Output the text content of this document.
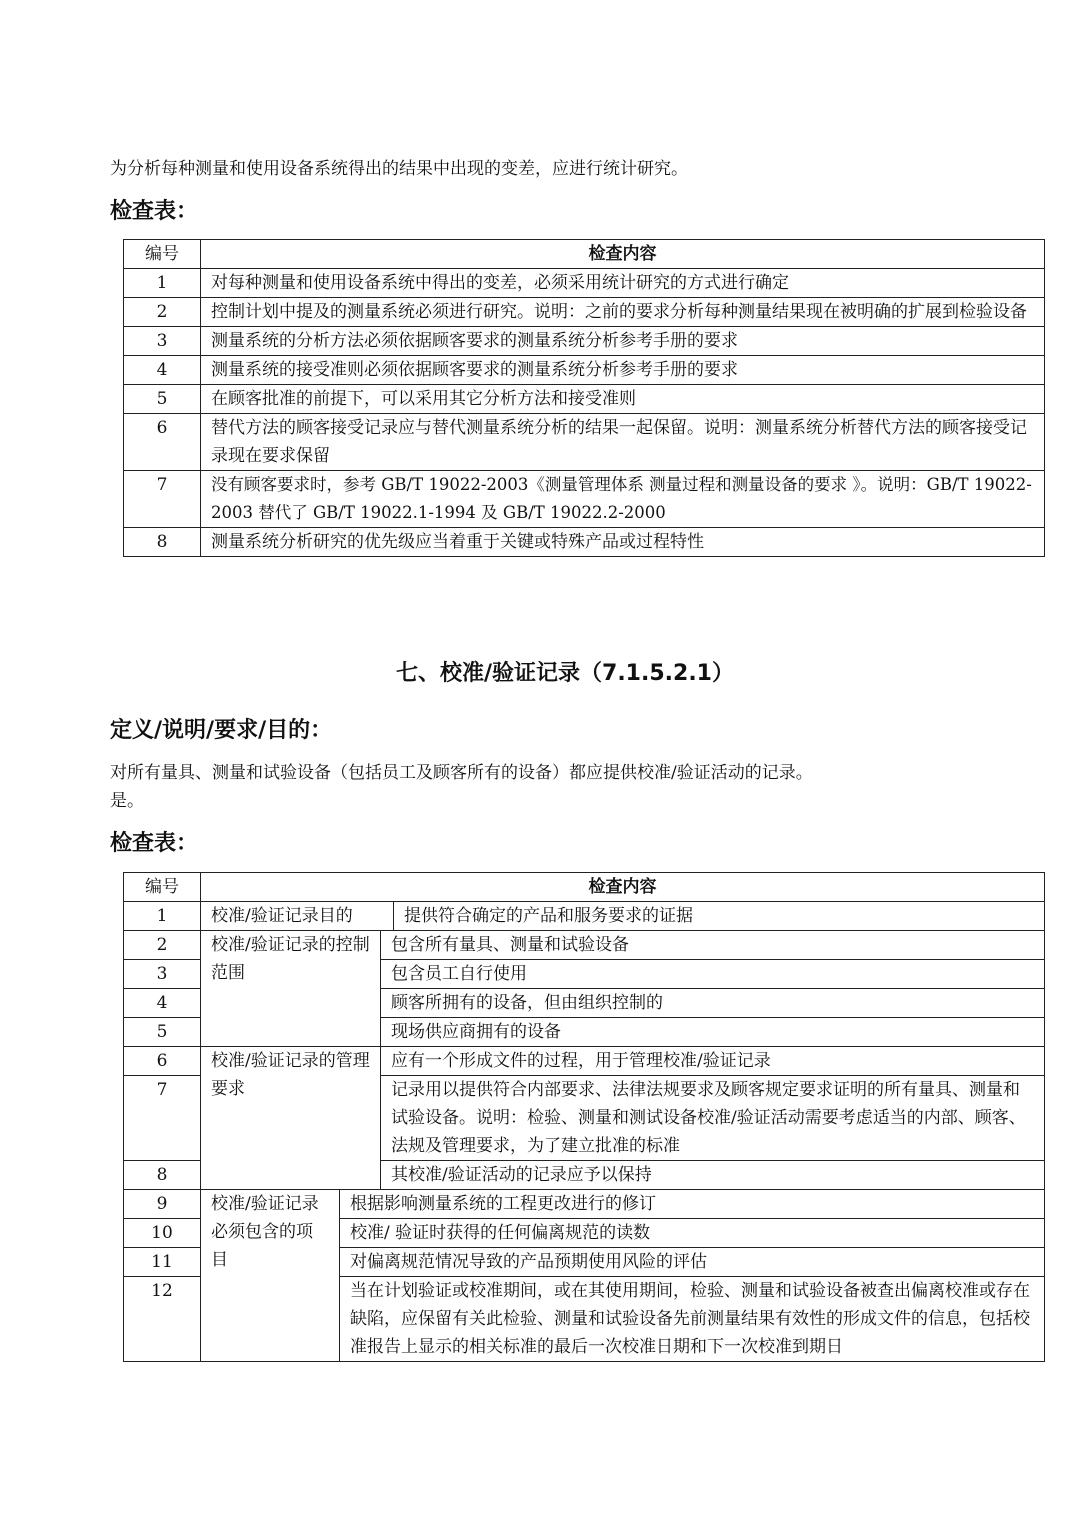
为分析每种测量和使用设备系统得出的结果中出现的变差，应进行统计研究。
检查表：
编号	检查内容
1	对每种测量和使用设备系统中得出的变差，必须采用统计研究的方式进行确定
2	控制计划中提及的测量系统必须进行研究。说明：之前的要求分析每种测量结果现在被明确的扩展到检验设备
3	测量系统的分析方法必须依据顾客要求的测量系统分析参考手册的要求
4	测量系统的接受准则必须依据顾客要求的测量系统分析参考手册的要求
5	在顾客批准的前提下，可以采用其它分析方法和接受准则
6	替代方法的顾客接受记录应与替代测量系统分析的结果一起保留。说明：测量系统分析替代方法的顾客接受记录现在要求保留
7	没有顾客要求时，参考 GB/T 19022-2003《测量管理体系 测量过程和测量设备的要求 》。说明：GB/T 19022-2003 替代了 GB/T 19022.1-1994 及 GB/T 19022.2-2000
8	测量系统分析研究的优先级应当着重于关键或特殊产品或过程特性
七、校准/验证记录（7.1.5.2.1）
定义/说明/要求/目的：
对所有量具、测量和试验设备（包括员工及顾客所有的设备）都应提供校准/验证活动的记录。
是。
检查表：
编号	检查内容			
1	校准/验证记录目的			提供符合确定的产品和服务要求的证据
2	校准/验证记录的控制范围		包含所有量具、测量和试验设备	
3			包含员工自行使用	
4			顾客所拥有的设备，但由组织控制的	
5			现场供应商拥有的设备	
6	校准/验证记录的管理要求		应有一个形成文件的过程，用于管理校准/验证记录	
7			记录用以提供符合内部要求、法律法规要求及顾客规定要求证明的所有量具、测量和试验设备。说明：检验、测量和测试设备校准/验证活动需要考虑适当的内部、顾客、法规及管理要求，为了建立批准的标准	
8			其校准/验证活动的记录应予以保持	
9	校准/验证记录必须包含的项目	根据影响测量系统的工程更改进行的修订		
10		校准/ 验证时获得的任何偏离规范的读数		
11		对偏离规范情况导致的产品预期使用风险的评估		
12		当在计划验证或校准期间，或在其使用期间，检验、测量和试验设备被查出偏离校准或存在缺陷，应保留有关此检验、测量和试验设备先前测量结果有效性的形成文件的信息，包括校准报告上显示的相关标准的最后一次校准日期和下一次校准到期日		
